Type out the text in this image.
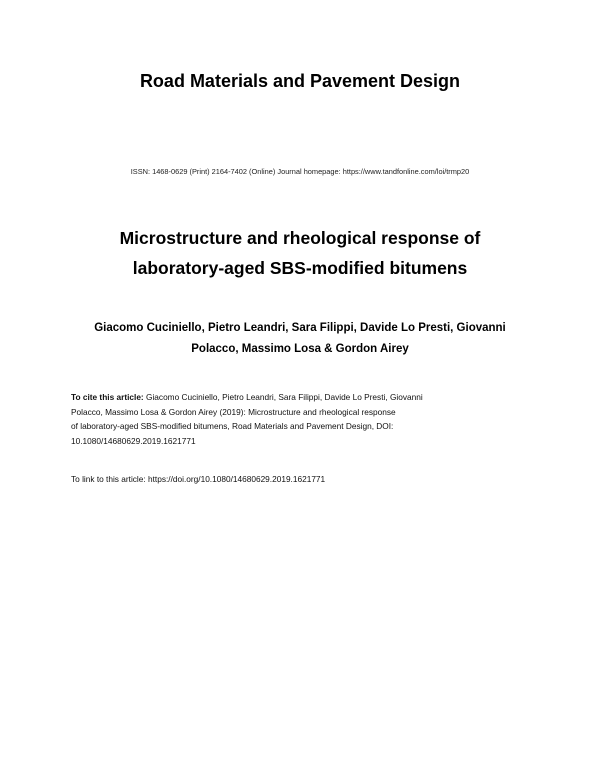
Road Materials and Pavement Design
ISSN: 1468-0629 (Print) 2164-7402 (Online) Journal homepage: https://www.tandfonline.com/loi/trmp20
Microstructure and rheological response of
laboratory-aged SBS-modified bitumens
Giacomo Cuciniello, Pietro Leandri, Sara Filippi, Davide Lo Presti, Giovanni
Polacco, Massimo Losa & Gordon Airey
To cite this article: Giacomo Cuciniello, Pietro Leandri, Sara Filippi, Davide Lo Presti, Giovanni
Polacco, Massimo Losa & Gordon Airey (2019): Microstructure and rheological response
of laboratory-aged SBS-modified bitumens, Road Materials and Pavement Design, DOI:
10.1080/14680629.2019.1621771
To link to this article: https://doi.org/10.1080/14680629.2019.1621771
